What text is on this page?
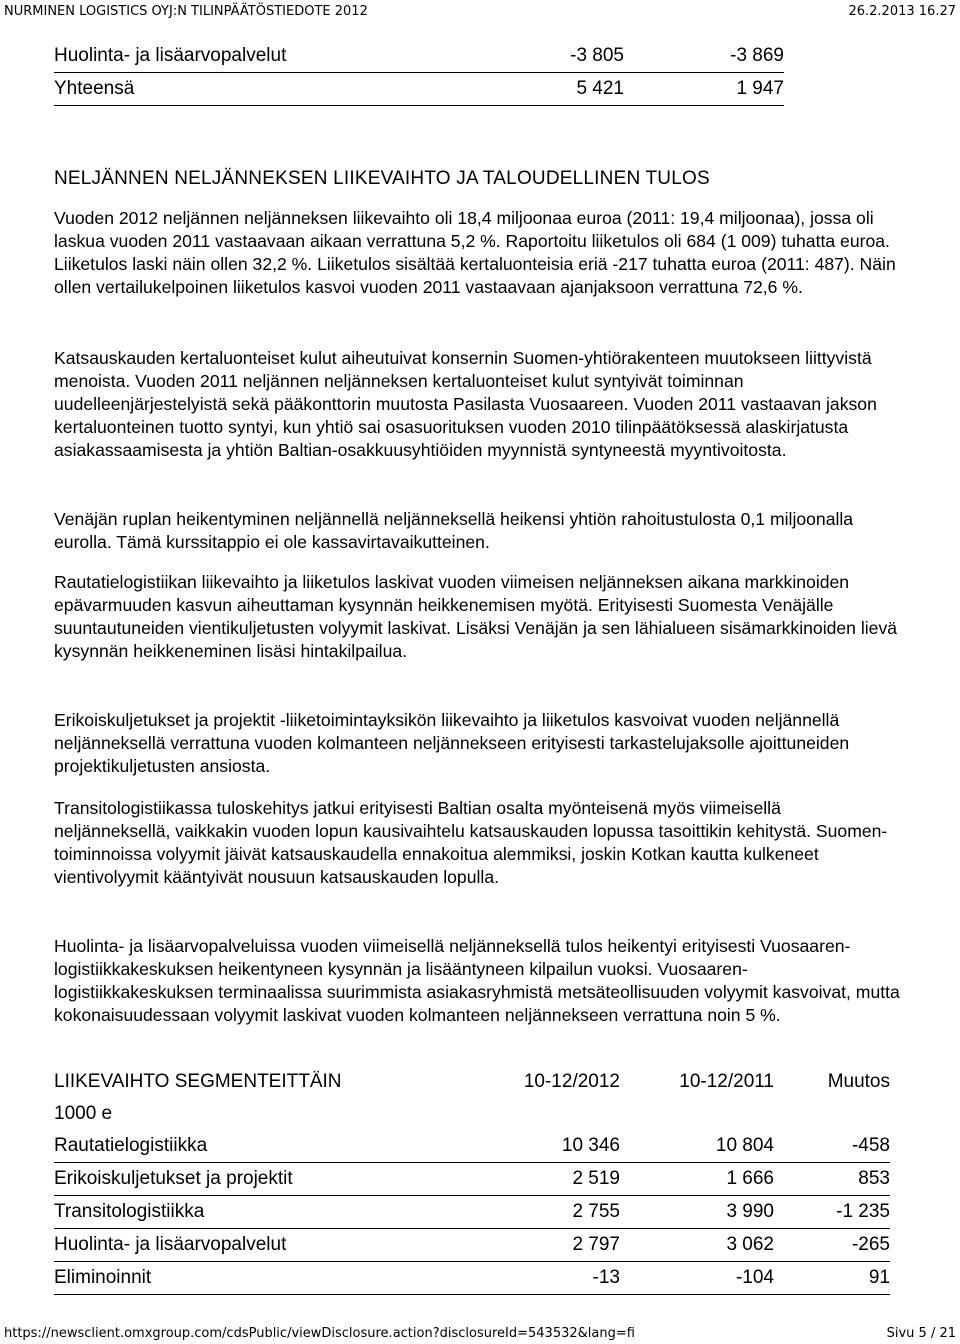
NURMINEN LOGISTICS OYJ:N TILINPÄÄTÖSTIEDOTE 2012	26.2.2013 16.27
Huolinta- ja lisäarvopalvelut	-3 805	-3 869
Yhteensä	5 421	1 947
NELJÄNNEN NELJÄNNEKSEN LIIKEVAIHTO JA TALOUDELLINEN TULOS

Vuoden 2012 neljännen neljänneksen liikevaihto oli 18,4 miljoonaa euroa (2011: 19,4 miljoonaa), jossa oli laskua vuoden 2011 vastaavaan aikaan verrattuna 5,2 %. Raportoitu liiketulos oli 684 (1 009) tuhatta euroa. Liiketulos laski näin ollen 32,2 %. Liiketulos sisältää kertaluonteisia eriä -217 tuhatta euroa (2011: 487). Näin ollen vertailukelpoinen liiketulos kasvoi vuoden 2011 vastaavaan ajanjaksoon verrattuna 72,6 %.

Katsauskauden kertaluonteiset kulut aiheutuivat konsernin Suomen-yhtiörakenteen muutokseen liittyvistä menoista. Vuoden 2011 neljännen neljänneksen kertaluonteiset kulut syntyivät toiminnan uudelleenjärjestelyistä sekä pääkonttorin muutosta Pasilasta Vuosaareen. Vuoden 2011 vastaavan jakson kertaluonteinen tuotto syntyi, kun yhtiö sai osasuorituksen vuoden 2010 tilinpäätöksessä alaskirjatusta asiakassaamisesta ja yhtiön Baltian-osakkuusyhtiöiden myynnistä syntyneestä myyntivoitosta.

Venäjän ruplan heikentyminen neljännellä neljänneksellä heikensi yhtiön rahoitustulosta 0,1 miljoonalla eurolla. Tämä kurssitappio ei ole kassavirtavaikutteinen.

Rautatielogistiikan liikevaihto ja liiketulos laskivat vuoden viimeisen neljänneksen aikana markkinoiden epävarmuuden kasvun aiheuttaman kysynnän heikkenemisen myötä. Erityisesti Suomesta Venäjälle suuntautuneiden vientikuljetusten volyymit laskivat. Lisäksi Venäjän ja sen lähialueen sisämarkkinoiden lievä kysynnän heikkeneminen lisäsi hintakilpailua.

Erikoiskuljetukset ja projektit -liiketoimintayksikön liikevaihto ja liiketulos kasvoivat vuoden neljännellä neljänneksellä verrattuna vuoden kolmanteen neljännekseen erityisesti tarkastelujaksolle ajoittuneiden projektikuljetusten ansiosta.

Transitologistiikassa tuloskehitys jatkui erityisesti Baltian osalta myönteisenä myös viimeisellä neljänneksellä, vaikkakin vuoden lopun kausivaihtelu katsauskauden lopussa tasoittikin kehitystä. Suomen-toiminnoissa volyymit jäivät katsauskaudella ennakoitua alemmiksi, joskin Kotkan kautta kulkeneet vientivolyymit kääntyivät nousuun katsauskauden lopulla.

Huolinta- ja lisäarvopalveluissa vuoden viimeisellä neljänneksellä tulos heikentyi erityisesti Vuosaaren-logistiikkakeskuksen heikentyneen kysynnän ja lisääntyneen kilpailun vuoksi. Vuosaaren-logistiikkakeskuksen terminaalissa suurimmista asiakasryhmistä metsäteollisuuden volyymit kasvoivat, mutta kokonaisuudessaan volyymit laskivat vuoden kolmanteen neljännekseen verrattuna noin 5 %.

LIIKEVAIHTO SEGMENTEITTÄIN	10-12/2012	10-12/2011	Muutos
1000 e			
Rautatielogistiikka	10 346	10 804	-458
Erikoiskuljetukset ja projektit	2 519	1 666	853
Transitologistiikka	2 755	3 990	-1 235
Huolinta- ja lisäarvopalvelut	2 797	3 062	-265
Eliminoinnit	-13	-104	91
https://newsclient.omxgroup.com/cdsPublic/viewDisclosure.action?disclosureId=543532&lang=fi	Sivu 5 / 21
